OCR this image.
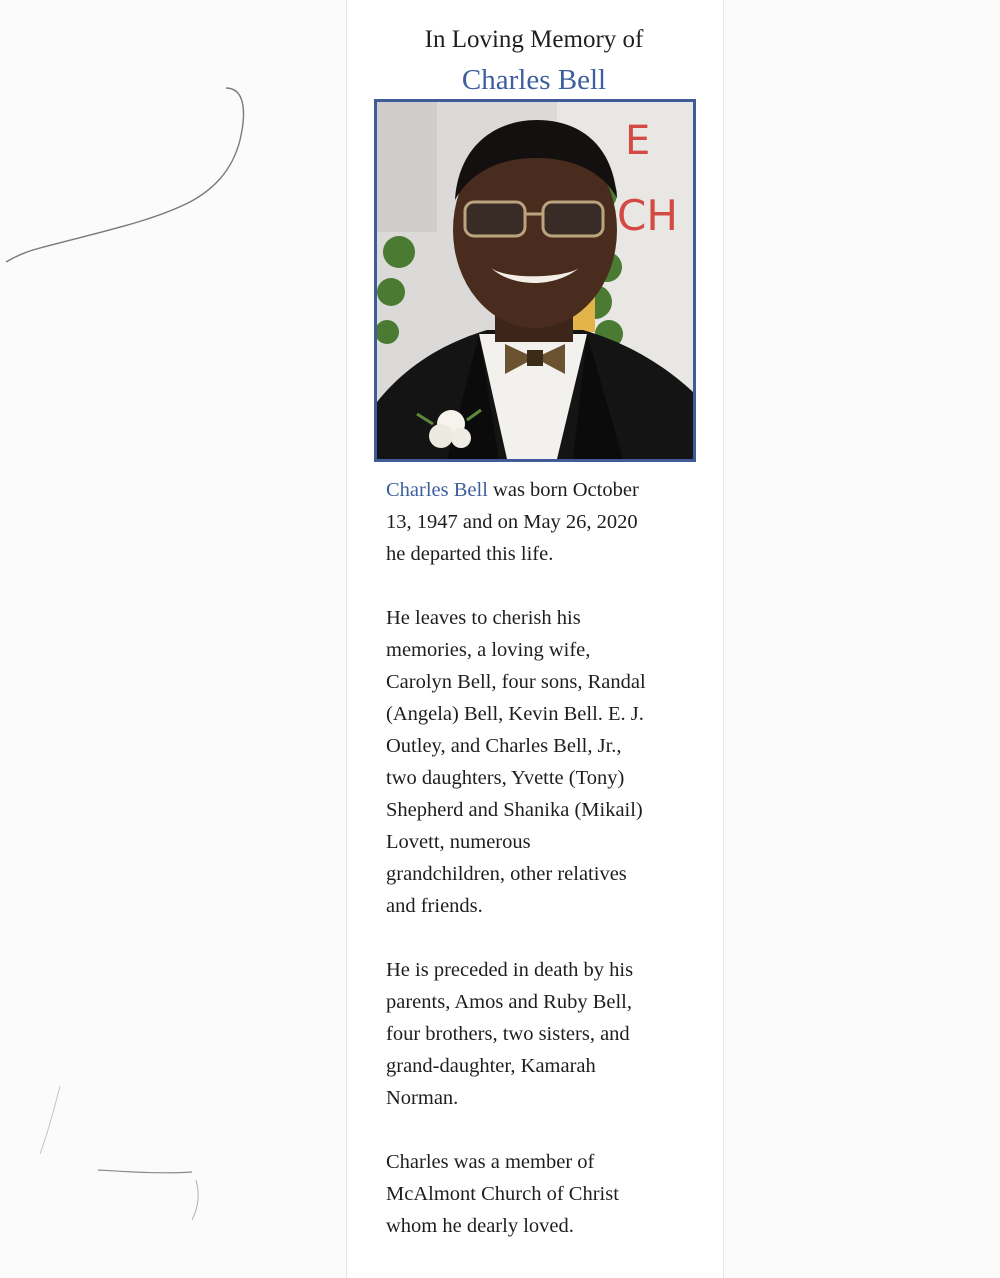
In Loving Memory of
Charles Bell
E
CH

Charles Bell was born October
13, 1947 and on May 26, 2020
he departed this life.

He leaves to cherish his
memories, a loving wife,
Carolyn Bell, four sons, Randal
(Angela) Bell, Kevin Bell. E. J.
Outley, and Charles Bell, Jr.,
two daughters, Yvette (Tony)
Shepherd and Shanika (Mikail)
Lovett, numerous
grandchildren, other relatives
and friends.

He is preceded in death by his
parents, Amos and Ruby Bell,
four brothers, two sisters, and
grand-daughter, Kamarah
Norman.

Charles was a member of
McAlmont Church of Christ
whom he dearly loved.
